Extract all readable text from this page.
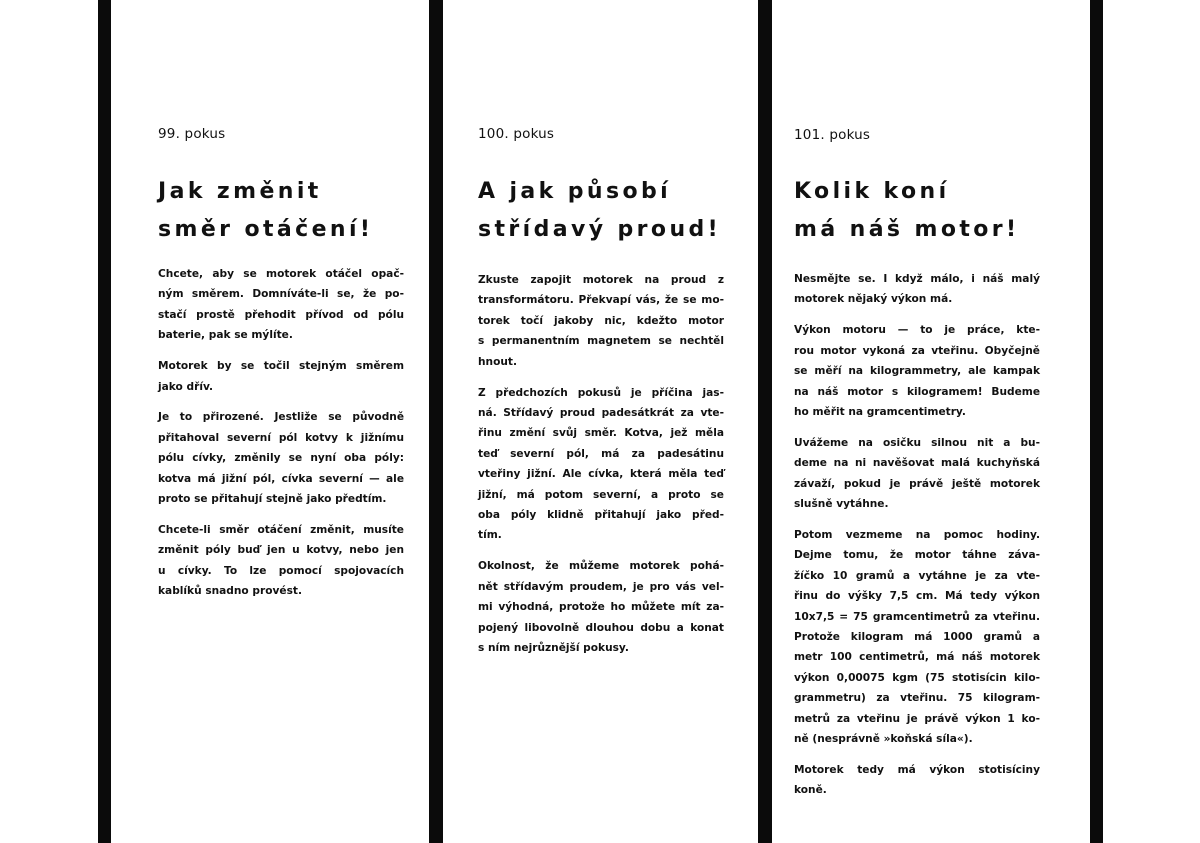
99. pokus
Jak změnit
směr otáčení!

Chcete, aby se motorek otáčel opač-
ným směrem. Domníváte-li se, že po-
stačí prostě přehodit přívod od pólu
baterie, pak se mýlíte.

Motorek by se točil stejným směrem
jako dřív.

Je to přirozené. Jestliže se původně
přitahoval severní pól kotvy k jižnímu
pólu cívky, změnily se nyní oba póly:
kotva má jižní pól, cívka severní — ale
proto se přitahují stejně jako předtím.

Chcete-li směr otáčení změnit, musíte
změnit póly buď jen u kotvy, nebo jen
u cívky. To lze pomocí spojovacích
kablíků snadno provést.

100. pokus
A jak působí
střídavý proud!

Zkuste zapojit motorek na proud z
transformátoru. Překvapí vás, že se mo-
torek točí jakoby nic, kdežto motor
s permanentním magnetem se nechtěl
hnout.

Z předchozích pokusů je příčina jas-
ná. Střídavý proud padesátkrát za vte-
řinu změní svůj směr. Kotva, jež měla
teď severní pól, má za padesátinu
vteřiny jižní. Ale cívka, která měla teď
jižní, má potom severní, a proto se
oba póly klidně přitahují jako před-
tím.

Okolnost, že můžeme motorek pohá-
nět střídavým proudem, je pro vás vel-
mi výhodná, protože ho můžete mít za-
pojený libovolně dlouhou dobu a konat
s ním nejrůznější pokusy.

101. pokus
Kolik koní
má náš motor!

Nesmějte se. I když málo, i náš malý
motorek nějaký výkon má.

Výkon motoru — to je práce, kte-
rou motor vykoná za vteřinu. Obyčejně
se měří na kilogrammetry, ale kampak
na náš motor s kilogramem! Budeme
ho měřit na gramcentimetry.

Uvážeme na osičku silnou nit a bu-
deme na ni navěšovat malá kuchyňská
závaží, pokud je právě ještě motorek
slušně vytáhne.

Potom vezmeme na pomoc hodiny.
Dejme tomu, že motor táhne záva-
žíčko 10 gramů a vytáhne je za vte-
řinu do výšky 7,5 cm. Má tedy výkon
10x7,5 = 75 gramcentimetrů za vteřinu.
Protože kilogram má 1000 gramů a
metr 100 centimetrů, má náš motorek
výkon 0,00075 kgm (75 stotisícin kilo-
grammetru) za vteřinu. 75 kilogram-
metrů za vteřinu je právě výkon 1 ko-
ně (nesprávně »koňská síla«).

Motorek tedy má výkon stotisíciny
koně.
